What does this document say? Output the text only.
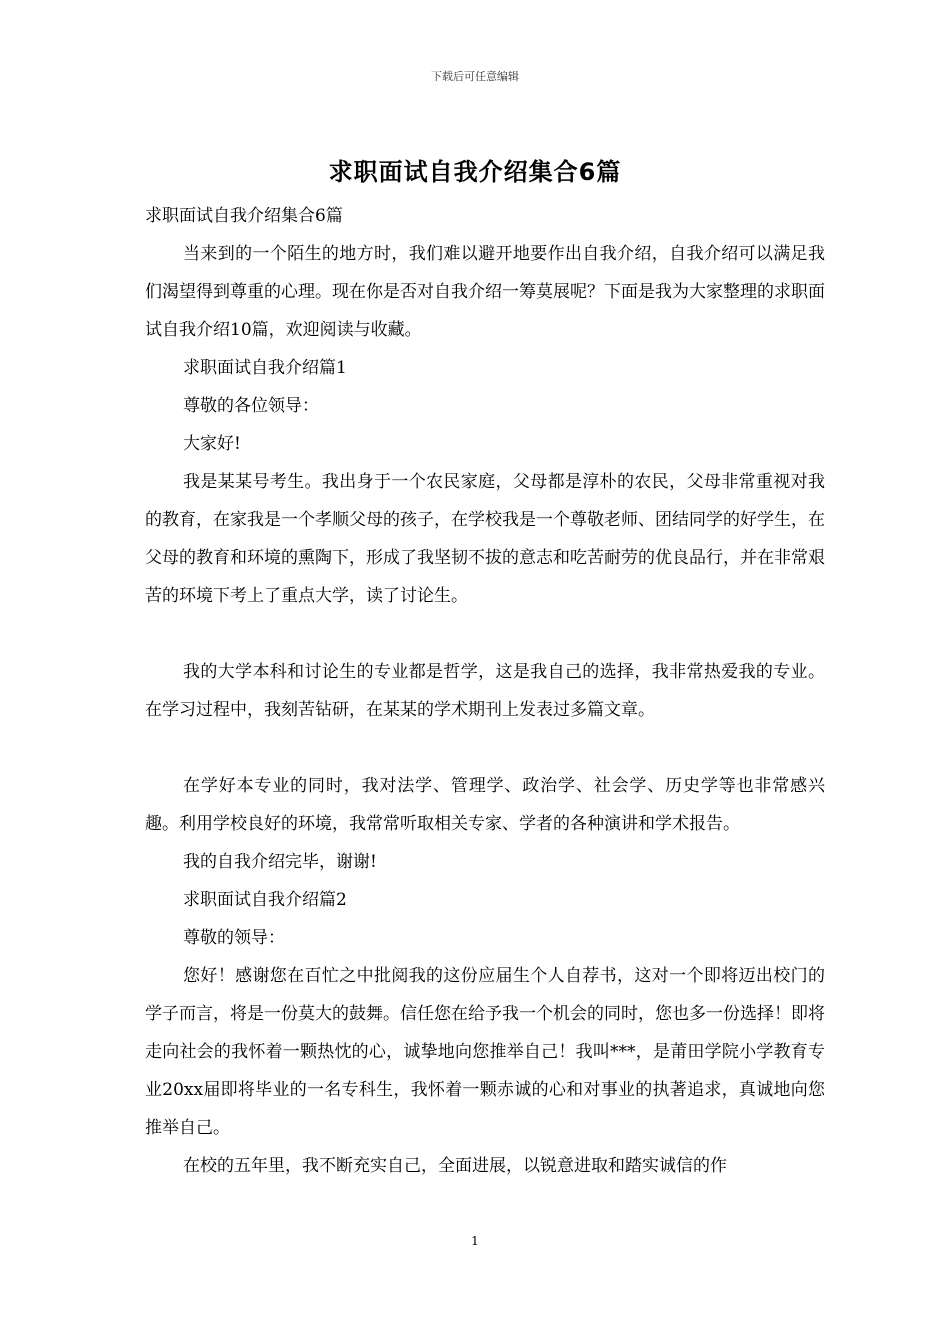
下载后可任意编辑
求职面试自我介绍集合6篇

求职面试自我介绍集合6篇

当来到的一个陌生的地方时，我们难以避开地要作出自我介绍，自我介绍可以满足我们渴望得到尊重的心理。现在你是否对自我介绍一筹莫展呢？下面是我为大家整理的求职面试自我介绍10篇，欢迎阅读与收藏。

求职面试自我介绍篇1

尊敬的各位领导：

大家好!

我是某某号考生。我出身于一个农民家庭，父母都是淳朴的农民，父母非常重视对我的教育，在家我是一个孝顺父母的孩子，在学校我是一个尊敬老师、团结同学的好学生，在父母的教育和环境的熏陶下，形成了我坚韧不拔的意志和吃苦耐劳的优良品行，并在非常艰苦的环境下考上了重点大学，读了讨论生。

我的大学本科和讨论生的专业都是哲学，这是我自己的选择，我非常热爱我的专业。在学习过程中，我刻苦钻研，在某某的学术期刊上发表过多篇文章。

在学好本专业的同时，我对法学、管理学、政治学、社会学、历史学等也非常感兴趣。利用学校良好的环境，我常常听取相关专家、学者的各种演讲和学术报告。

我的自我介绍完毕，谢谢!

求职面试自我介绍篇2

尊敬的领导：

您好！感谢您在百忙之中批阅我的这份应届生个人自荐书，这对一个即将迈出校门的学子而言，将是一份莫大的鼓舞。信任您在给予我一个机会的同时，您也多一份选择！即将走向社会的我怀着一颗热忱的心，诚挚地向您推举自己！我叫***，是莆田学院小学教育专业20xx届即将毕业的一名专科生，我怀着一颗赤诚的心和对事业的执著追求，真诚地向您推举自己。

在校的五年里，我不断充实自己，全面进展，以锐意进取和踏实诚信的作

1
